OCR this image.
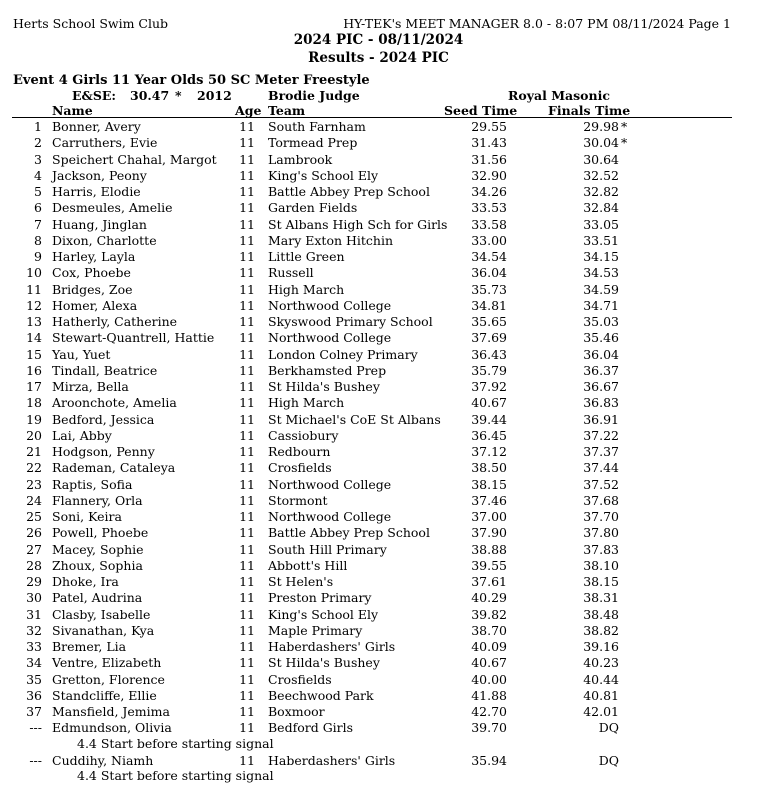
Herts School Swim Club	HY-TEK's MEET MANAGER 8.0 - 8:07 PM 08/11/2024 Page 1
2024 PIC - 08/11/2024
Results - 2024 PIC
Event 4 Girls 11 Year Olds 50 SC Meter Freestyle
E&SE: 30.47 * 2012	Brodie Judge	Royal Masonic
Name	Age Team	Seed Time Finals Time
1 Bonner, Avery	11 South Farnham	29.55	29.98 *
2 Carruthers, Evie	11 Tormead Prep	31.43	30.04 *
3 Speichert Chahal, Margot 11 Lambrook	31.56	30.64
4 Jackson, Peony	11 King's School Ely	32.90	32.52
5 Harris, Elodie	11 Battle Abbey Prep School	34.26	32.82
6 Desmeules, Amelie	11 Garden Fields	33.53	32.84
7 Huang, Jinglan	11 St Albans High Sch for Girls 33.58	33.05
8 Dixon, Charlotte	11 Mary Exton Hitchin	33.00	33.51
9 Harley, Layla	11 Little Green	34.54	34.15
10 Cox, Phoebe	11 Russell	36.04	34.53
11 Bridges, Zoe	11 High March	35.73	34.59
12 Homer, Alexa	11 Northwood College	34.81	34.71
13 Hatherly, Catherine	11 Skyswood Primary School	35.65	35.03
14 Stewart-Quantrell, Hattie 11 Northwood College	37.69	35.46
15 Yau, Yuet	11 London Colney Primary	36.43	36.04
16 Tindall, Beatrice	11 Berkhamsted Prep	35.79	36.37
17 Mirza, Bella	11 St Hilda's Bushey	37.92	36.67
18 Aroonchote, Amelia	11 High March	40.67	36.83
19 Bedford, Jessica	11 St Michael's CoE St Albans 39.44	36.91
20 Lai, Abby	11 Cassiobury	36.45	37.22
21 Hodgson, Penny	11 Redbourn	37.12	37.37
22 Rademan, Cataleya	11 Crosfields	38.50	37.44
23 Raptis, Sofia	11 Northwood College	38.15	37.52
24 Flannery, Orla	11 Stormont	37.46	37.68
25 Soni, Keira	11 Northwood College	37.00	37.70
26 Powell, Phoebe	11 Battle Abbey Prep School	37.90	37.80
27 Macey, Sophie	11 South Hill Primary	38.88	37.83
28 Zhoux, Sophia	11 Abbott's Hill	39.55	38.10
29 Dhoke, Ira	11 St Helen's	37.61	38.15
30 Patel, Audrina	11 Preston Primary	40.29	38.31
31 Clasby, Isabelle	11 King's School Ely	39.82	38.48
32 Sivanathan, Kya	11 Maple Primary	38.70	38.82
33 Bremer, Lia	11 Haberdashers' Girls	40.09	39.16
34 Ventre, Elizabeth	11 St Hilda's Bushey	40.67	40.23
35 Gretton, Florence	11 Crosfields	40.00	40.44
36 Standcliffe, Ellie	11 Beechwood Park	41.88	40.81
37 Mansfield, Jemima	11 Boxmoor	42.70	42.01
--- Edmundson, Olivia	11 Bedford Girls	39.70	DQ
4.4 Start before starting signal
--- Cuddihy, Niamh	11 Haberdashers' Girls	35.94	DQ
4.4 Start before starting signal
